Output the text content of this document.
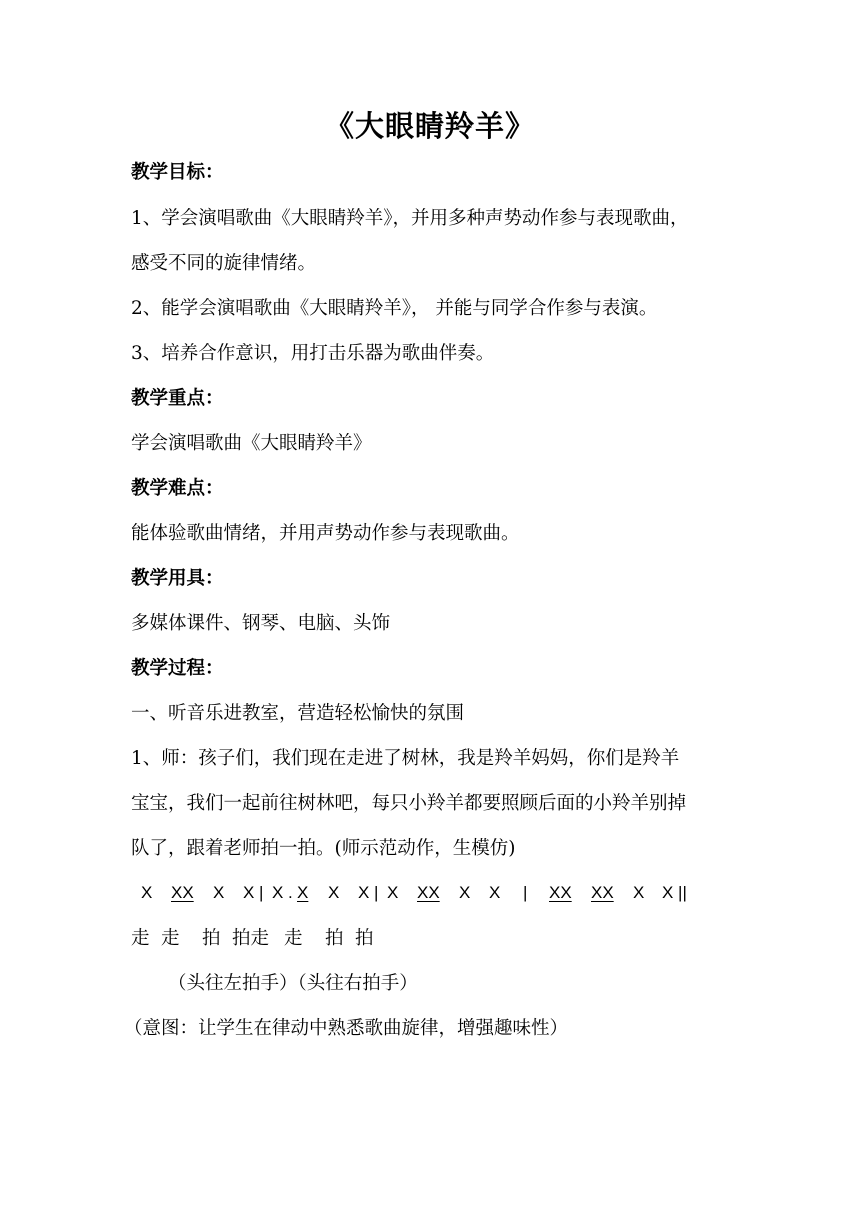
《大眼睛羚羊》
教学目标：
1、学会演唱歌曲《大眼睛羚羊》，并用多种声势动作参与表现歌曲，
感受不同的旋律情绪。
2、能学会演唱歌曲《大眼睛羚羊》， 并能与同学合作参与表演。
3、培养合作意识，用打击乐器为歌曲伴奏。
教学重点：
学会演唱歌曲《大眼睛羚羊》
教学难点：
能体验歌曲情绪，并用声势动作参与表现歌曲。
教学用具：
多媒体课件、钢琴、电脑、头饰
教学过程：
一、听音乐进教室，营造轻松愉快的氛围
1、师：孩子们，我们现在走进了树林，我是羚羊妈妈，你们是羚羊
宝宝，我们一起前往树林吧，每只小羚羊都要照顾后面的小羚羊别掉
队了，跟着老师拍一拍。(师示范动作，生模仿)
X XX X X | X . X X X | X XX X X | XX XX X X ||
走 走 拍 拍走 走 拍 拍
（头往左拍手）（头往右拍手）
（意图：让学生在律动中熟悉歌曲旋律，增强趣味性）
